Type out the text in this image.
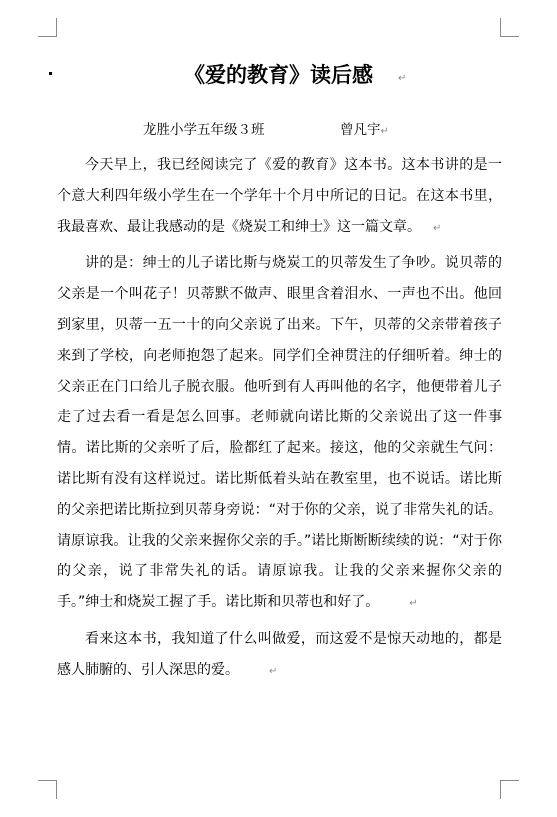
《爱的教育》读后感	↵
龙胜小学五年级３班	曾凡宇↵

今天早上，我已经阅读完了《爱的教育》这本书。这本书讲的是一个意大利四年级小学生在一个学年十个月中所记的日记。在这本书里，我最喜欢、最让我感动的是《烧炭工和绅士》这一篇文章。 ↵

讲的是：绅士的儿子诺比斯与烧炭工的贝蒂发生了争吵。说贝蒂的父亲是一个叫花子！贝蒂默不做声、眼里含着泪水、一声也不出。他回到家里，贝蒂一五一十的向父亲说了出来。下午，贝蒂的父亲带着孩子来到了学校，向老师抱怨了起来。同学们全神贯注的仔细听着。绅士的父亲正在门口给儿子脱衣服。他听到有人再叫他的名字，他便带着儿子走了过去看一看是怎么回事。老师就向诺比斯的父亲说出了这一件事情。诺比斯的父亲听了后，脸都红了起来。接这，他的父亲就生气问：诺比斯有没有这样说过。诺比斯低着头站在教室里，也不说话。诺比斯的父亲把诺比斯拉到贝蒂身旁说：“对于你的父亲，说了非常失礼的话。请原谅我。让我的父亲来握你父亲的手。”诺比斯断断续续的说：“对于你的父亲，说了非常失礼的话。请原谅我。让我的父亲来握你父亲的手。”绅士和烧炭工握了手。诺比斯和贝蒂也和好了。	↵

看来这本书，我知道了什么叫做爱，而这爱不是惊天动地的，都是感人肺腑的、引人深思的爱。	↵
